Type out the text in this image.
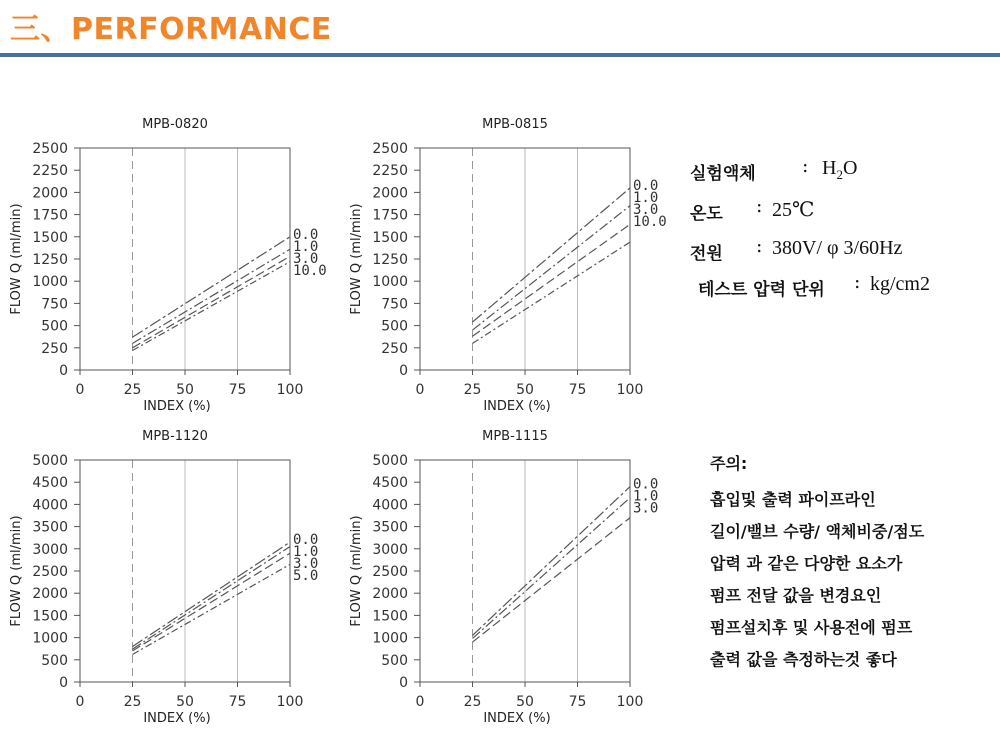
三、PERFORMANCE
MPB-0820
0
250
500
750
1000
1250
1500
1750
2000
2250
2500
0	25 50 75 100
INDEX (%)
FLOW Q (ml/min)	0.0
1.0
3.0
10.0
MPB-0815
0
250
500
750
1000
1250
1500
1750
2000
2250
2500
0	25 50 75 100
INDEX (%)
FLOW Q (ml/min)
0.0
1.0
3.0
10.0
MPB-1120
0
500
1000
1500
2000
2500
3000
3500
4000
4500
5000
0	25 50 75 100
INDEX (%)
FLOW Q (ml/min)	0.0
1.0
3.0
5.0
MPB-1115
0
500
1000
1500
2000
2500
3000
3500
4000
4500
5000
0	25 50 75 100
INDEX (%)
FLOW Q (ml/min)
0.0
1.0
3.0
실험액체 : $H_2O$
온도 : 25℃
전원 : 380V/ φ 3/60Hz
테스트 압력 단위 : kg/cm2
주의:
흡입및 출력 파이프라인
길이/밸브 수량/ 액체비중/점도
압력 과 같은 다양한 요소가
펌프 전달 값을 변경요인
펌프설치후 및 사용전에 펌프
출력 값을 측정하는것 좋다
